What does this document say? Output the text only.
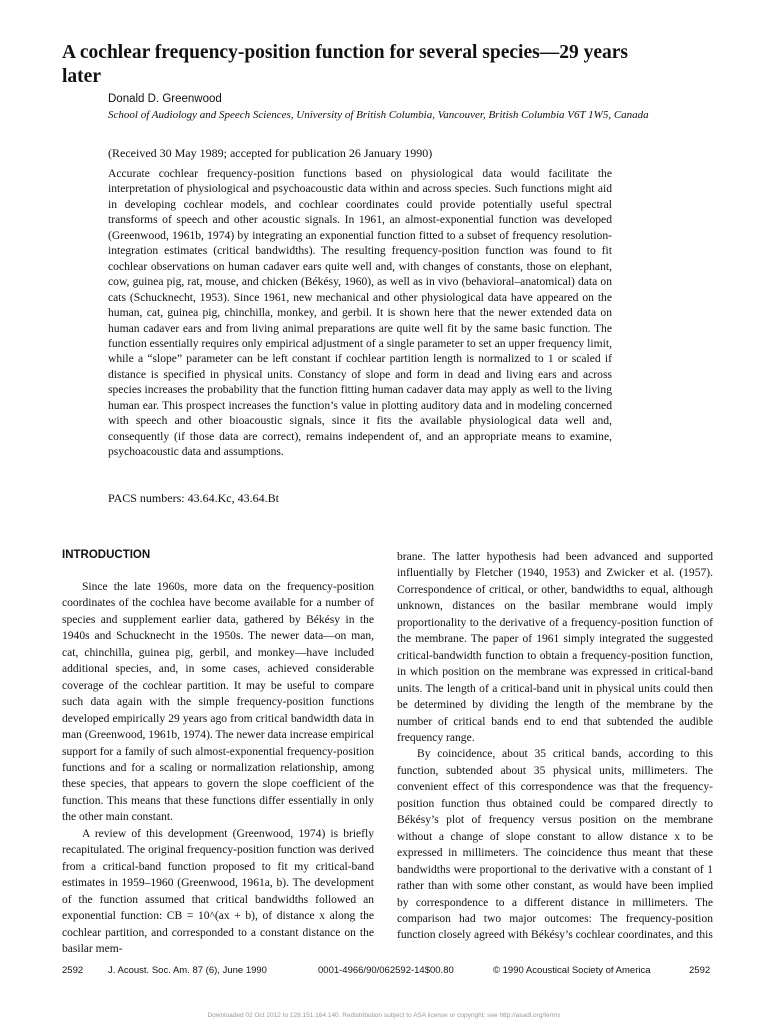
A cochlear frequency-position function for several species—29 years later
Donald D. Greenwood
School of Audiology and Speech Sciences, University of British Columbia, Vancouver, British Columbia V6T 1W5, Canada
(Received 30 May 1989; accepted for publication 26 January 1990)

Accurate cochlear frequency-position functions based on physiological data would facilitate the interpretation of physiological and psychoacoustic data within and across species. Such functions might aid in developing cochlear models, and cochlear coordinates could provide potentially useful spectral transforms of speech and other acoustic signals. In 1961, an almost-exponential function was developed (Greenwood, 1961b, 1974) by integrating an exponential function fitted to a subset of frequency resolution-integration estimates (critical bandwidths). The resulting frequency-position function was found to fit cochlear observations on human cadaver ears quite well and, with changes of constants, those on elephant, cow, guinea pig, rat, mouse, and chicken (Békésy, 1960), as well as in vivo (behavioral–anatomical) data on cats (Schucknecht, 1953). Since 1961, new mechanical and other physiological data have appeared on the human, cat, guinea pig, chinchilla, monkey, and gerbil. It is shown here that the newer extended data on human cadaver ears and from living animal preparations are quite well fit by the same basic function. The function essentially requires only empirical adjustment of a single parameter to set an upper frequency limit, while a “slope” parameter can be left constant if cochlear partition length is normalized to 1 or scaled if distance is specified in physical units. Constancy of slope and form in dead and living ears and across species increases the probability that the function fitting human cadaver data may apply as well to the living human ear. This prospect increases the function’s value in plotting auditory data and in modeling concerned with speech and other bioacoustic signals, since it fits the available physiological data well and, consequently (if those data are correct), remains independent of, and an appropriate means to examine, psychoacoustic data and assumptions.

PACS numbers: 43.64.Kc, 43.64.Bt
INTRODUCTION

Since the late 1960s, more data on the frequency-position coordinates of the cochlea have become available for a number of species and supplement earlier data, gathered by Békésy in the 1940s and Schucknecht in the 1950s. The newer data—on man, cat, chinchilla, guinea pig, gerbil, and monkey—have included additional species, and, in some cases, achieved considerable coverage of the cochlear partition. It may be useful to compare such data again with the simple frequency-position functions developed empirically 29 years ago from critical bandwidth data in man (Greenwood, 1961b, 1974). The newer data increase empirical support for a family of such almost-exponential frequency-position functions and for a scaling or normalization relationship, among these species, that appears to govern the slope coefficient of the function. This means that these functions differ essentially in only the other main constant.

A review of this development (Greenwood, 1974) is briefly recapitulated. The original frequency-position function was derived from a critical-band function proposed to fit my critical-band estimates in 1959–1960 (Greenwood, 1961a, b). The development of the function assumed that critical bandwidths followed an exponential function: CB = 10^(ax + b), of distance x along the cochlear partition, and corresponded to a constant distance on the basilar mem-

brane. The latter hypothesis had been advanced and supported influentially by Fletcher (1940, 1953) and Zwicker et al. (1957). Correspondence of critical, or other, bandwidths to equal, although unknown, distances on the basilar membrane would imply proportionality to the derivative of a frequency-position function of the membrane. The paper of 1961 simply integrated the suggested critical-bandwidth function to obtain a frequency-position function, in which position on the membrane was expressed in critical-band units. The length of a critical-band unit in physical units could then be determined by dividing the length of the membrane by the number of critical bands end to end that subtended the audible frequency range.

By coincidence, about 35 critical bands, according to this function, subtended about 35 physical units, millimeters. The convenient effect of this correspondence was that the frequency-position function thus obtained could be compared directly to Békésy’s plot of frequency versus position on the membrane without a change of slope constant to allow distance x to be expressed in millimeters. The coincidence thus meant that these bandwidths were proportional to the derivative with a constant of 1 rather than with some other constant, as would have been implied by correspondence to a different distance in millimeters. The comparison had two major outcomes: The frequency-position function closely agreed with Békésy’s cochlear coordinates, and this

2592	J. Acoust. Soc. Am. 87 (6), June 1990	0001-4966/90/062592-14$00.80	© 1990 Acoustical Society of America	2592
Downloaded 02 Oct 2012 to 128.151.164.140. Redistribution subject to ASA license or copyright; see http://asadl.org/terms
